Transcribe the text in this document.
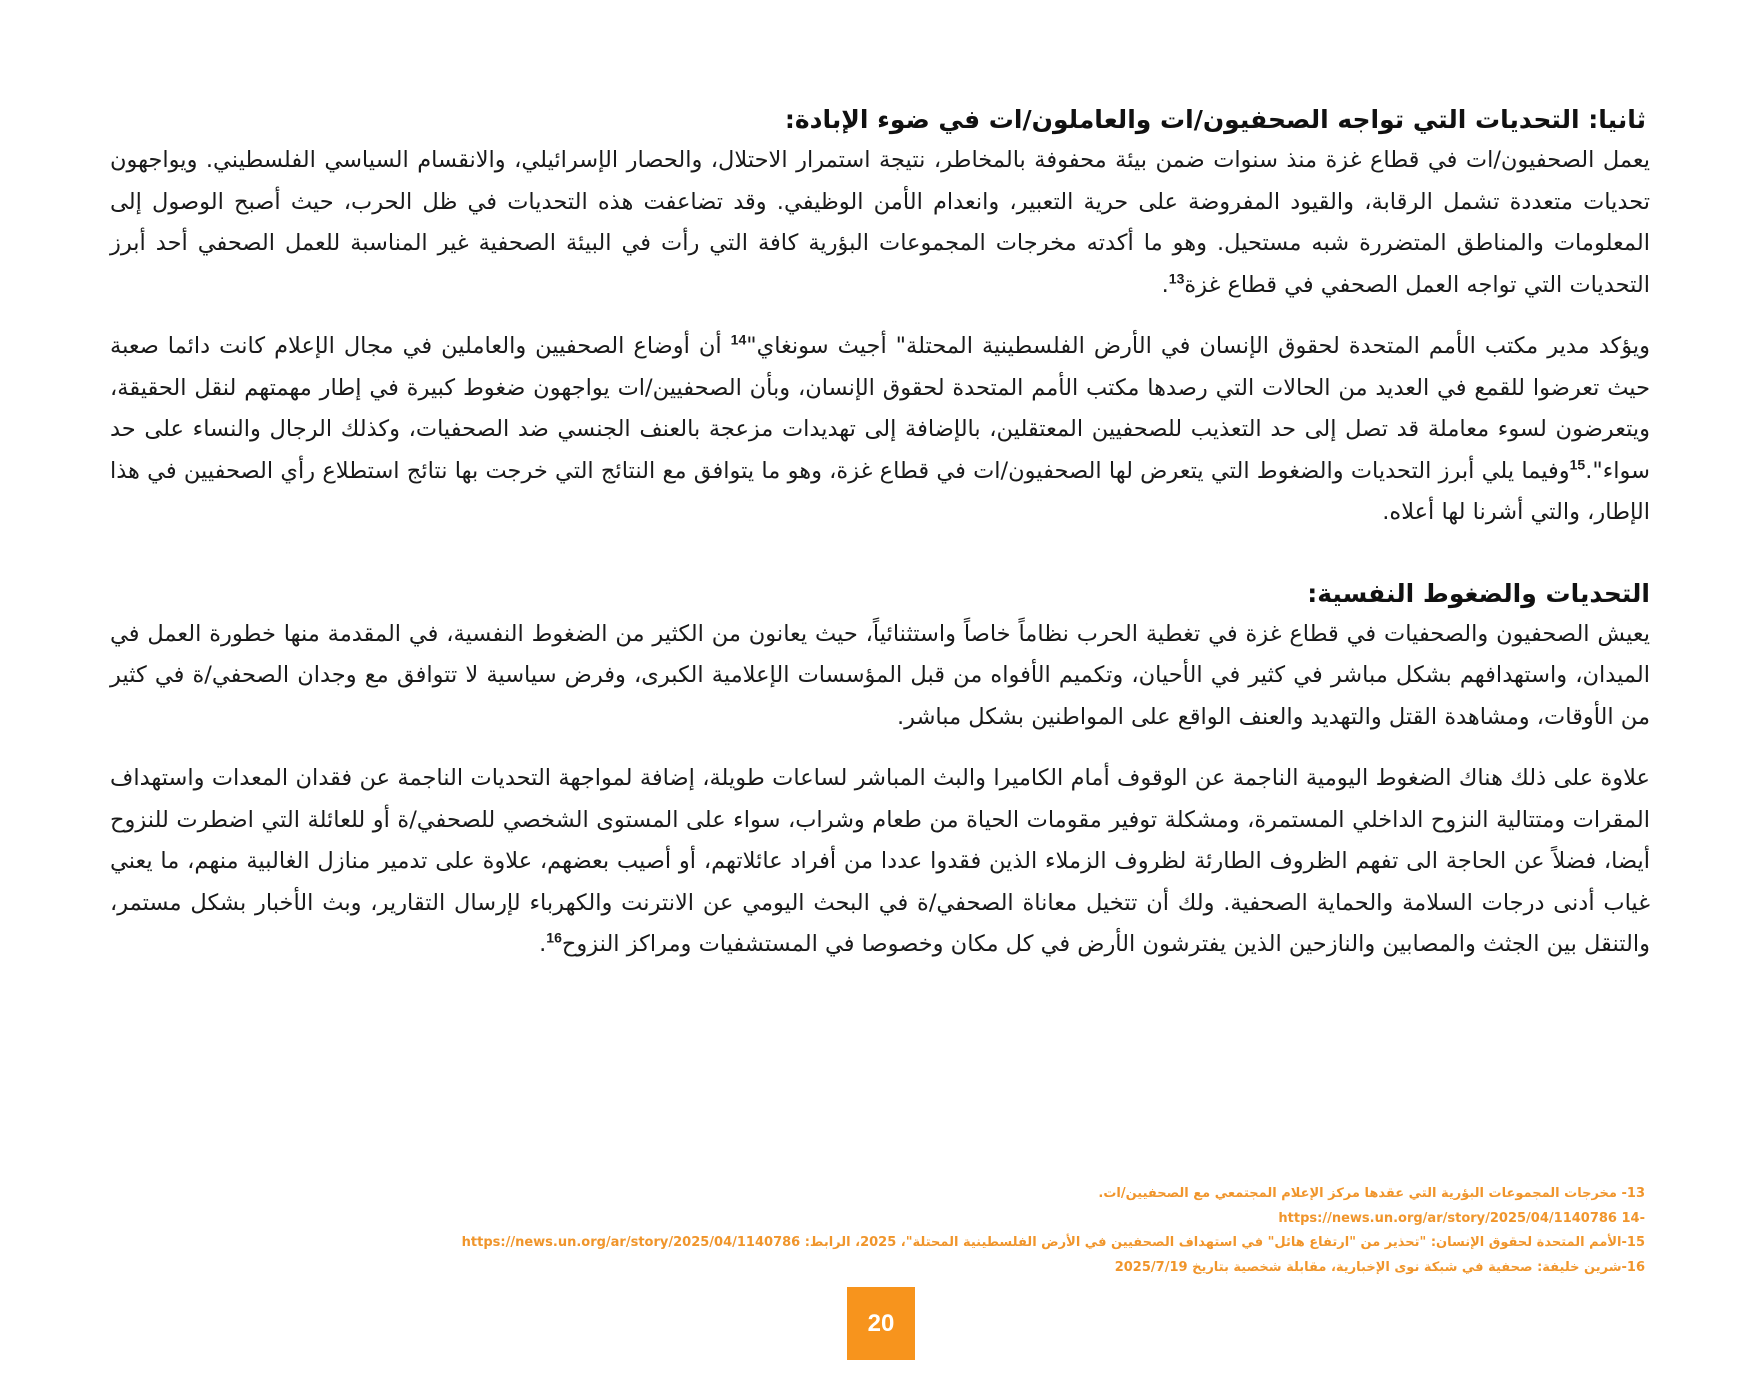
ثانيا: التحديات التي تواجه الصحفيون/ات والعاملون/ات في ضوء الإبادة:

يعمل الصحفيون/ات في قطاع غزة منذ سنوات ضمن بيئة محفوفة بالمخاطر، نتيجة استمرار الاحتلال، والحصار الإسرائيلي، والانقسام السياسي الفلسطيني. ويواجهون تحديات متعددة تشمل الرقابة، والقيود المفروضة على حرية التعبير، وانعدام الأمن الوظيفي. وقد تضاعفت هذه التحديات في ظل الحرب، حيث أصبح الوصول إلى المعلومات والمناطق المتضررة شبه مستحيل. وهو ما أكدته مخرجات المجموعات البؤرية كافة التي رأت في البيئة الصحفية غير المناسبة للعمل الصحفي أحد أبرز التحديات التي تواجه العمل الصحفي في قطاع غزة$^{13}$.

ويؤكد مدير مكتب الأمم المتحدة لحقوق الإنسان في الأرض الفلسطينية المحتلة" أجيث سونغاي"$^{14}$ أن أوضاع الصحفيين والعاملين في مجال الإعلام كانت دائما صعبة حيث تعرضوا للقمع في العديد من الحالات التي رصدها مكتب الأمم المتحدة لحقوق الإنسان، وبأن الصحفيين/ات يواجهون ضغوط كبيرة في إطار مهمتهم لنقل الحقيقة، ويتعرضون لسوء معاملة قد تصل إلى حد التعذيب للصحفيين المعتقلين، بالإضافة إلى تهديدات مزعجة بالعنف الجنسي ضد الصحفيات، وكذلك الرجال والنساء على حد سواء".$^{15}$وفيما يلي أبرز التحديات والضغوط التي يتعرض لها الصحفيون/ات في قطاع غزة، وهو ما يتوافق مع النتائج التي خرجت بها نتائج استطلاع رأي الصحفيين في هذا الإطار، والتي أشرنا لها أعلاه.

التحديات والضغوط النفسية:

يعيش الصحفيون والصحفيات في قطاع غزة في تغطية الحرب نظاماً خاصاً واستثنائياً، حيث يعانون من الكثير من الضغوط النفسية، في المقدمة منها خطورة العمل في الميدان، واستهدافهم بشكل مباشر في كثير في الأحيان، وتكميم الأفواه من قبل المؤسسات الإعلامية الكبرى، وفرض سياسية لا تتوافق مع وجدان الصحفي/ة في كثير من الأوقات، ومشاهدة القتل والتهديد والعنف الواقع على المواطنين بشكل مباشر.

علاوة على ذلك هناك الضغوط اليومية الناجمة عن الوقوف أمام الكاميرا والبث المباشر لساعات طويلة، إضافة لمواجهة التحديات الناجمة عن فقدان المعدات واستهداف المقرات ومتتالية النزوح الداخلي المستمرة، ومشكلة توفير مقومات الحياة من طعام وشراب، سواء على المستوى الشخصي للصحفي/ة أو للعائلة التي اضطرت للنزوح أيضا، فضلاً عن الحاجة الى تفهم الظروف الطارئة لظروف الزملاء الذين فقدوا عددا من أفراد عائلاتهم، أو أصيب بعضهم، علاوة على تدمير منازل الغالبية منهم، ما يعني غياب أدنى درجات السلامة والحماية الصحفية. ولك أن تتخيل معاناة الصحفي/ة في البحث اليومي عن الانترنت والكهرباء لإرسال التقارير، وبث الأخبار بشكل مستمر، والتنقل بين الجثث والمصابين والنازحين الذين يفترشون الأرض في كل مكان وخصوصا في المستشفيات ومراكز النزوح$^{16}$.

13- مخرجات المجموعات البؤرية التي عقدها مركز الإعلام المجتمعي مع الصحفيين/ات.

-14 https://news.un.org/ar/story/2025/04/1140786

15-الأمم المتحدة لحقوق الإنسان: "تحذير من "ارتفاع هائل" في استهداف الصحفيين في الأرض الفلسطينية المحتلة"، 2025، الرابط: https://news.un.org/ar/story/2025/04/1140786

16-شرين خليفة: صحفية في شبكة نوى الإخبارية، مقابلة شخصية بتاريخ 2025/7/19

20
